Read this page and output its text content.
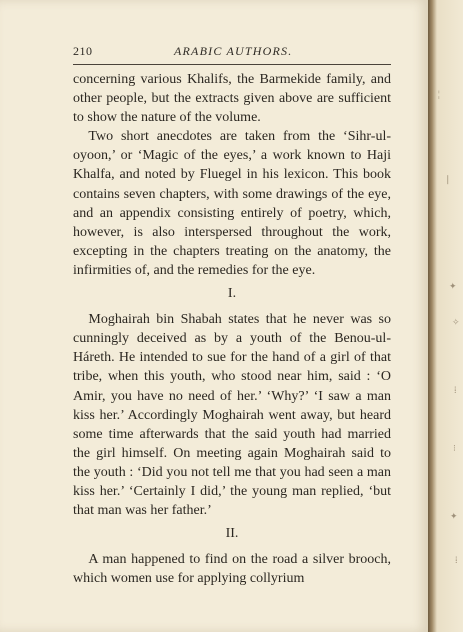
210	ARABIC AUTHORS.

concerning various Khalifs, the Barmekide family, and other people, but the extracts given above are sufficient to show the nature of the volume.

Two short anecdotes are taken from the ‘Sihr-ul-oyoon,’ or ‘Magic of the eyes,’ a work known to Haji Khalfa, and noted by Fluegel in his lexicon. This book contains seven chapters, with some drawings of the eye, and an appendix consisting entirely of poetry, which, however, is also interspersed throughout the work, excepting in the chapters treating on the anatomy, the infirmities of, and the remedies for the eye.

I.

Moghairah bin Shabah states that he never was so cunningly deceived as by a youth of the Benou-ul-Háreth. He intended to sue for the hand of a girl of that tribe, when this youth, who stood near him, said : ‘O Amir, you have no need of her.’ ‘Why?’ ‘I saw a man kiss her.’ Accordingly Moghairah went away, but heard some time afterwards that the said youth had married the girl himself. On meeting again Moghairah said to the youth : ‘Did you not tell me that you had seen a man kiss her.’ ‘Certainly I did,’ the young man replied, ‘but that man was her father.’

II.

A man happened to find on the road a silver brooch, which women use for applying collyrium

¦
❘
✦
✧
⁞
⁝
✦
⁞
